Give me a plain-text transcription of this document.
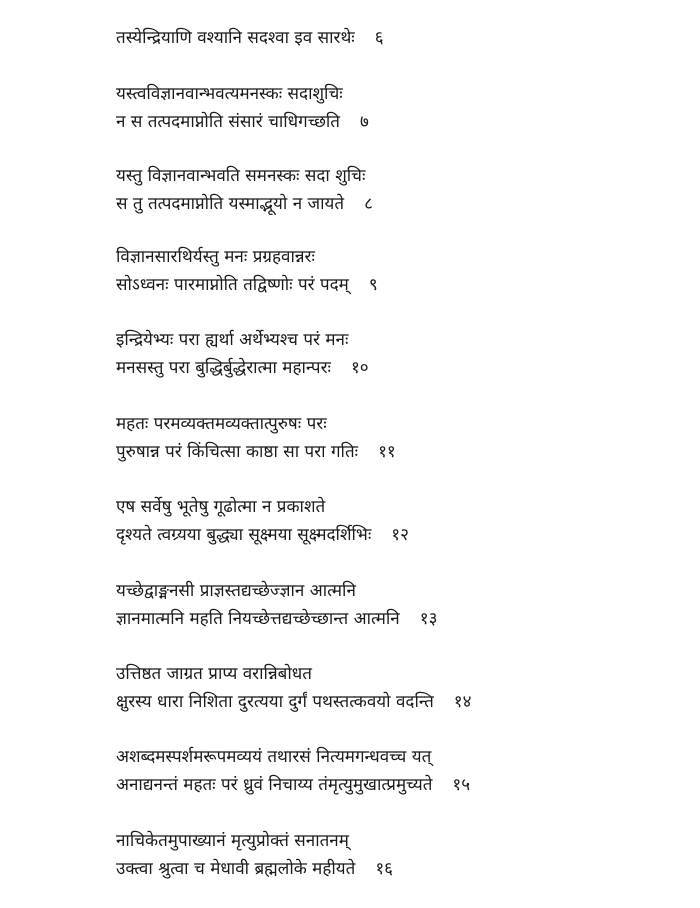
तस्येन्द्रियाणि वश्यानि सदश्वा इव सारथेः ६
यस्त्वविज्ञानवान्भवत्यमनस्कः सदाशुचिः
न स तत्पदमाप्नोति संसारं चाधिगच्छति ७
यस्तु विज्ञानवान्भवति समनस्कः सदा शुचिः
स तु तत्पदमाप्नोति यस्माद्भूयो न जायते ८
विज्ञानसारथिर्यस्तु मनः प्रग्रहवान्नरः
सोऽध्वनः पारमाप्नोति तद्विष्णोः परं पदम् ९
इन्द्रियेभ्यः परा ह्यर्था अर्थेभ्यश्च परं मनः
मनसस्तु परा बुद्धिर्बुद्धेरात्मा महान्परः १०
महतः परमव्यक्तमव्यक्तात्पुरुषः परः
पुरुषान्न परं किंचित्सा काष्ठा सा परा गतिः ११
एष सर्वेषु भूतेषु गूढोत्मा न प्रकाशते
दृश्यते त्वग्र्यया बुद्ध्या सूक्ष्मया सूक्ष्मदर्शिभिः १२
यच्छेद्वाङ्मनसी प्राज्ञस्तद्यच्छेज्ज्ञान आत्मनि
ज्ञानमात्मनि महति नियच्छेत्तद्यच्छेच्छान्त आत्मनि १३
उत्तिष्ठत जाग्रत प्राप्य वरान्निबोधत
क्षुरस्य धारा निशिता दुरत्यया दुर्गं पथस्तत्कवयो वदन्ति १४
अशब्दमस्पर्शमरूपमव्ययं तथारसं नित्यमगन्धवच्च यत्
अनाद्यनन्तं महतः परं ध्रुवं निचाय्य तंमृत्युमुखात्प्रमुच्यते १५
नाचिकेतमुपाख्यानं मृत्युप्रोक्तं सनातनम्
उक्त्वा श्रुत्वा च मेधावी ब्रह्मलोके महीयते १६
